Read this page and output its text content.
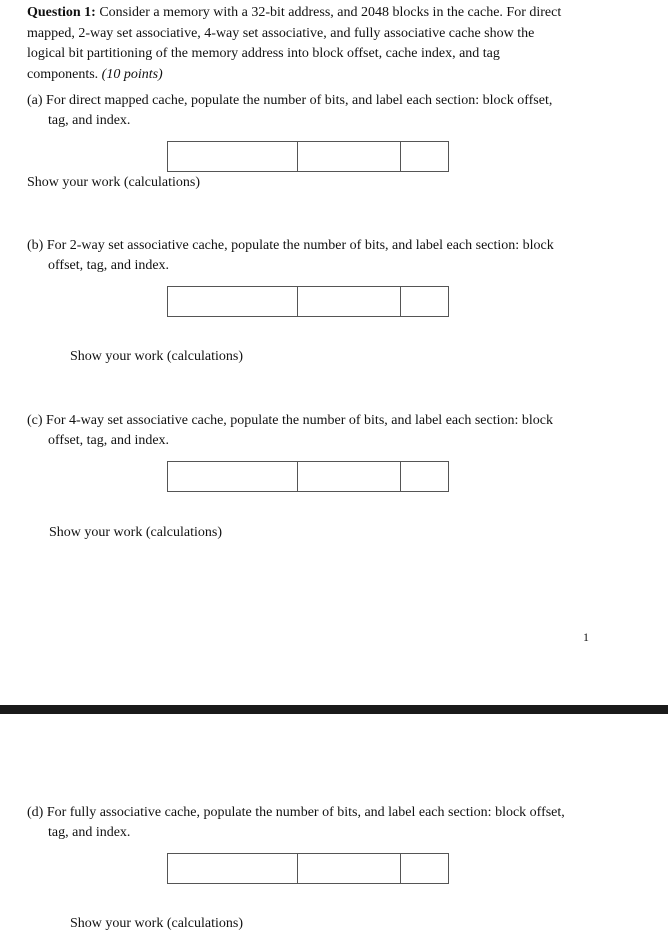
Question 1: Consider a memory with a 32-bit address, and 2048 blocks in the cache. For direct
mapped, 2-way set associative, 4-way set associative, and fully associative cache show the
logical bit partitioning of the memory address into block offset, cache index, and tag
components. (10 points)
(a) For direct mapped cache, populate the number of bits, and label each section: block offset,
tag, and index.
Show your work (calculations)
(b) For 2-way set associative cache, populate the number of bits, and label each section: block
offset, tag, and index.
Show your work (calculations)
(c) For 4-way set associative cache, populate the number of bits, and label each section: block
offset, tag, and index.
Show your work (calculations)
1
(d) For fully associative cache, populate the number of bits, and label each section: block offset,
tag, and index.
Show your work (calculations)
